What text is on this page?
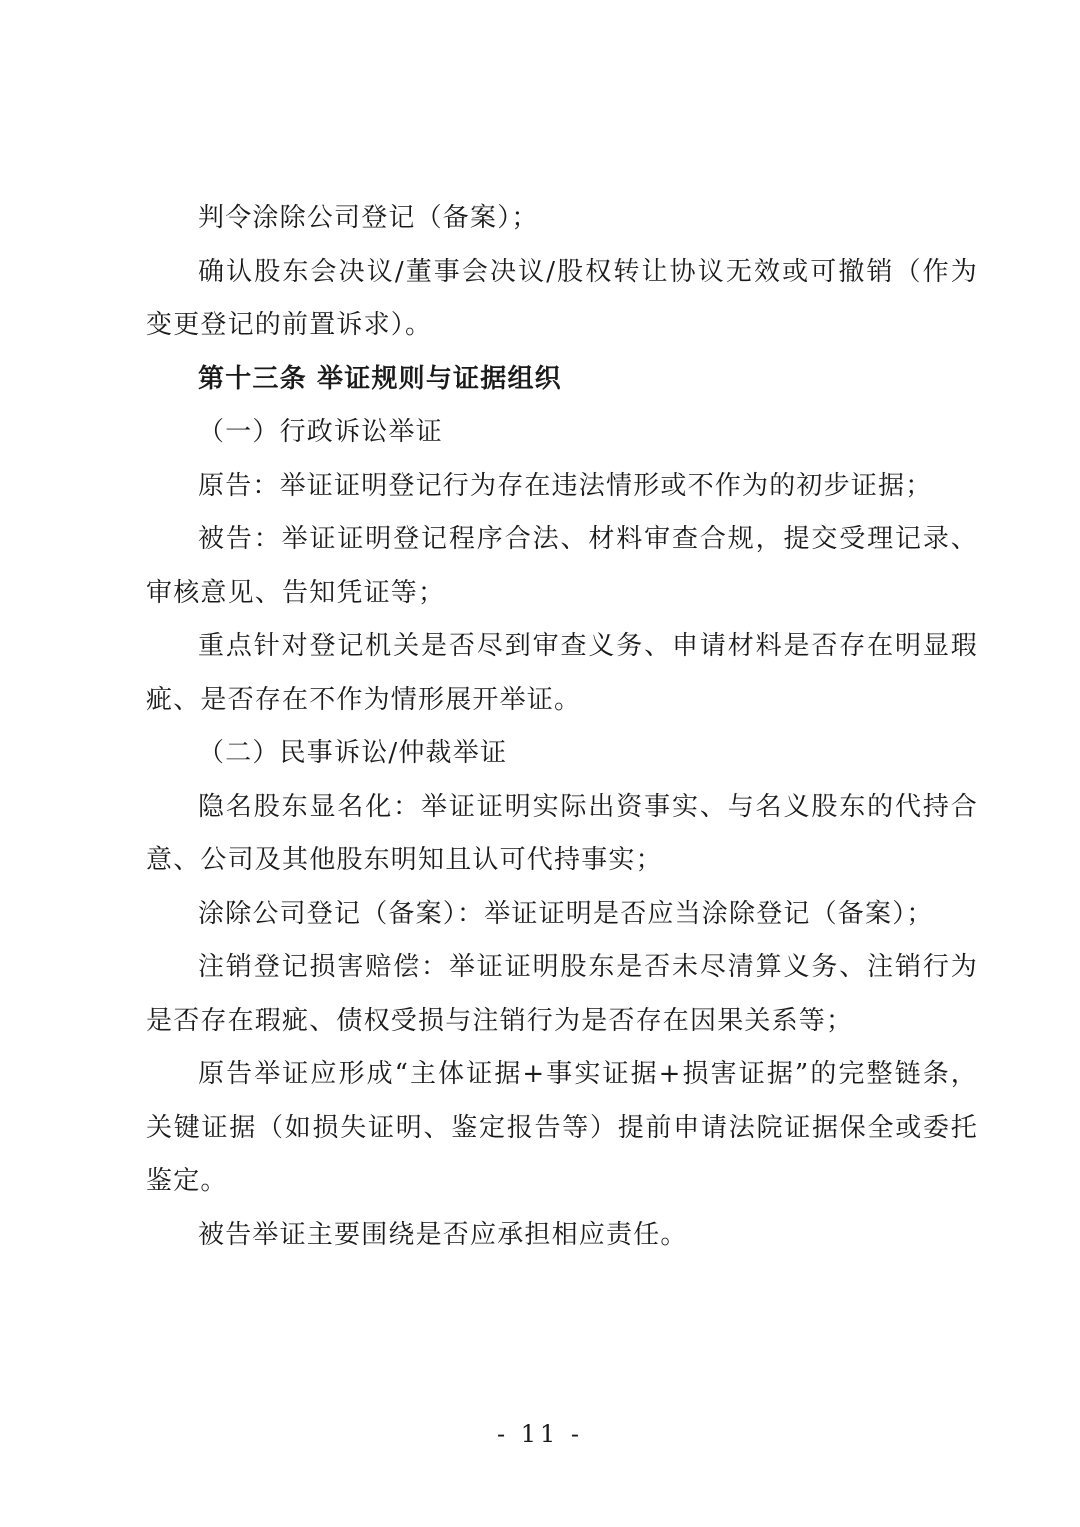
判令涂除公司登记（备案）；

确认股东会决议/董事会决议/股权转让协议无效或可撤销（作为变更登记的前置诉求）。

第十三条 举证规则与证据组织

（一）行政诉讼举证

原告：举证证明登记行为存在违法情形或不作为的初步证据；

被告：举证证明登记程序合法、材料审查合规，提交受理记录、审核意见、告知凭证等；

重点针对登记机关是否尽到审查义务、申请材料是否存在明显瑕疵、是否存在不作为情形展开举证。

（二）民事诉讼/仲裁举证

隐名股东显名化：举证证明实际出资事实、与名义股东的代持合意、公司及其他股东明知且认可代持事实；

涂除公司登记（备案）：举证证明是否应当涂除登记（备案）；

注销登记损害赔偿：举证证明股东是否未尽清算义务、注销行为是否存在瑕疵、债权受损与注销行为是否存在因果关系等；

原告举证应形成“主体证据+事实证据+损害证据”的完整链条，关键证据（如损失证明、鉴定报告等）提前申请法院证据保全或委托鉴定。

被告举证主要围绕是否应承担相应责任。

- 11 -
